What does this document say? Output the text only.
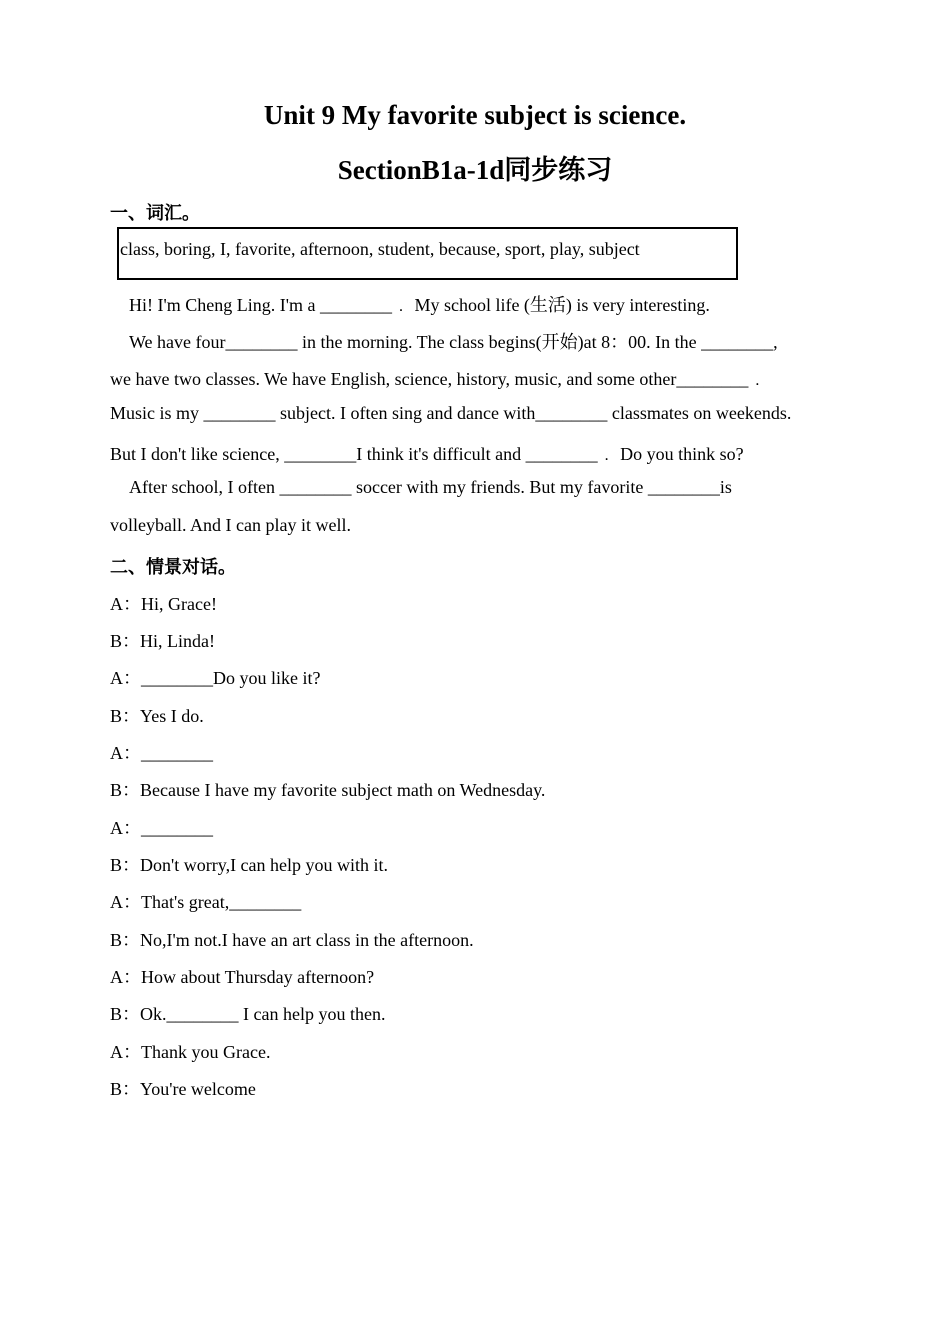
Unit 9 My favorite subject is science.
SectionB1a-1d同步练习
一、词汇。
class, boring, I, favorite, afternoon, student, because, sport, play, subject
Hi! I'm Cheng Ling. I'm a ________﹒ My school life (生活) is very interesting.
We have four________ in the morning. The class begins(开始)at 8：00. In the ________,
we have two classes. We have English, science, history, music, and some other________﹒
Music is my ________ subject. I often sing and dance with________ classmates on weekends.
But I don't like science, ________I think it's difficult and ________﹒ Do you think so?
After school, I often ________ soccer with my friends. But my favorite ________is
volleyball. And I can play it well.
二、情景对话。
A：Hi, Grace!
B：Hi, Linda!
A：________Do you like it?
B：Yes I do.
A：________
B：Because I have my favorite subject math on Wednesday.
A：________
B：Don't worry,I can help you with it.
A：That's great,________
B：No,I'm not.I have an art class in the afternoon.
A：How about Thursday afternoon?
B：Ok.________ I can help you then.
A：Thank you Grace.
B：You're welcome
